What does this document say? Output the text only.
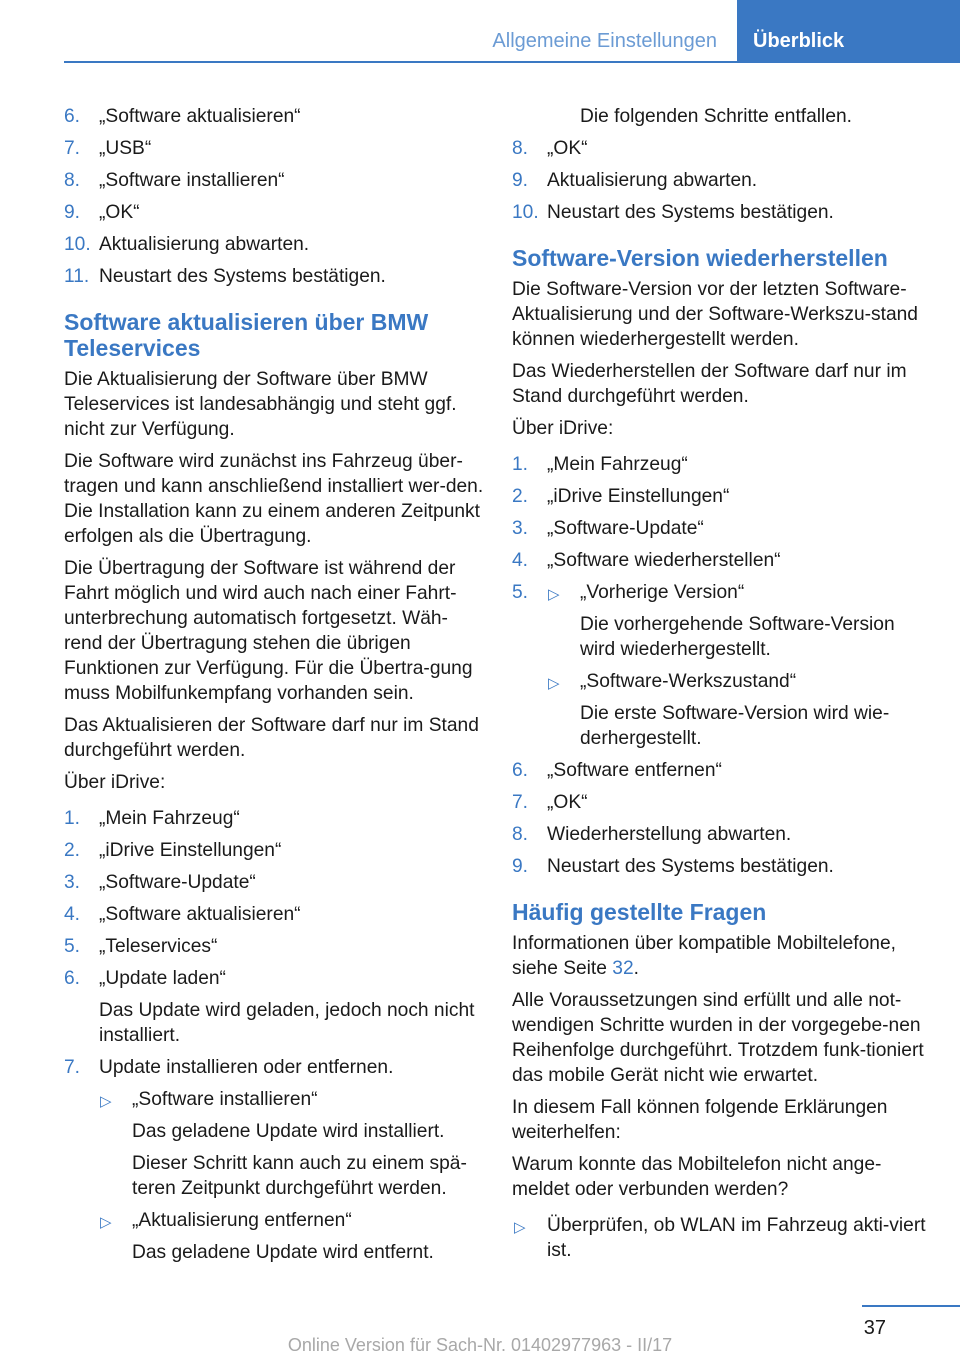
Allgemeine Einstellungen	Überblick
6. „Software aktualisieren“
7. „USB“
8. „Software installieren“
9. „OK“
10. Aktualisierung abwarten.
11. Neustart des Systems bestätigen.
Software aktualisieren über BMW Teleservices

Die Aktualisierung der Software über BMW Teleservices ist landesabhängig und steht ggf. nicht zur Verfügung.

Die Software wird zunächst ins Fahrzeug über-tragen und kann anschließend installiert wer-den. Die Installation kann zu einem anderen Zeitpunkt erfolgen als die Übertragung.

Die Übertragung der Software ist während der Fahrt möglich und wird auch nach einer Fahrt-unterbrechung automatisch fortgesetzt. Wäh-rend der Übertragung stehen die übrigen Funktionen zur Verfügung. Für die Übertra-gung muss Mobilfunkempfang vorhanden sein.

Das Aktualisieren der Software darf nur im Stand durchgeführt werden.

Über iDrive:

1. „Mein Fahrzeug“
2. „iDrive Einstellungen“
3. „Software-Update“
4. „Software aktualisieren“
5. „Teleservices“
6. „Update laden“

Das Update wird geladen, jedoch noch nicht installiert.

7. Update installieren oder entfernen.

▷ „Software installieren“

Das geladene Update wird installiert.

Dieser Schritt kann auch zu einem spä-teren Zeitpunkt durchgeführt werden.

▷ „Aktualisierung entfernen“

Das geladene Update wird entfernt.

Die folgenden Schritte entfallen.
8. „OK“
9. Aktualisierung abwarten.
10. Neustart des Systems bestätigen.
Software-Version wiederherstellen

Die Software-Version vor der letzten Software-Aktualisierung und der Software-Werkszu-stand können wiederhergestellt werden.

Das Wiederherstellen der Software darf nur im Stand durchgeführt werden.

Über iDrive:

1. „Mein Fahrzeug“
2. „iDrive Einstellungen“
3. „Software-Update“
4. „Software wiederherstellen“
5. ▷ „Vorherige Version“

Die vorhergehende Software-Version wird wiederhergestellt.

▷ „Software-Werkszustand“

Die erste Software-Version wird wie-derhergestellt.

6. „Software entfernen“
7. „OK“
8. Wiederherstellung abwarten.
9. Neustart des Systems bestätigen.
Häufig gestellte Fragen

Informationen über kompatible Mobiltelefone, siehe Seite 32.

Alle Voraussetzungen sind erfüllt und alle not-wendigen Schritte wurden in der vorgegebe-nen Reihenfolge durchgeführt. Trotzdem funk-tioniert das mobile Gerät nicht wie erwartet.

In diesem Fall können folgende Erklärungen weiterhelfen:

Warum konnte das Mobiltelefon nicht ange-meldet oder verbunden werden?

▷ Überprüfen, ob WLAN im Fahrzeug akti-viert ist.
37
Online Version für Sach-Nr. 01402977963 - II/17
